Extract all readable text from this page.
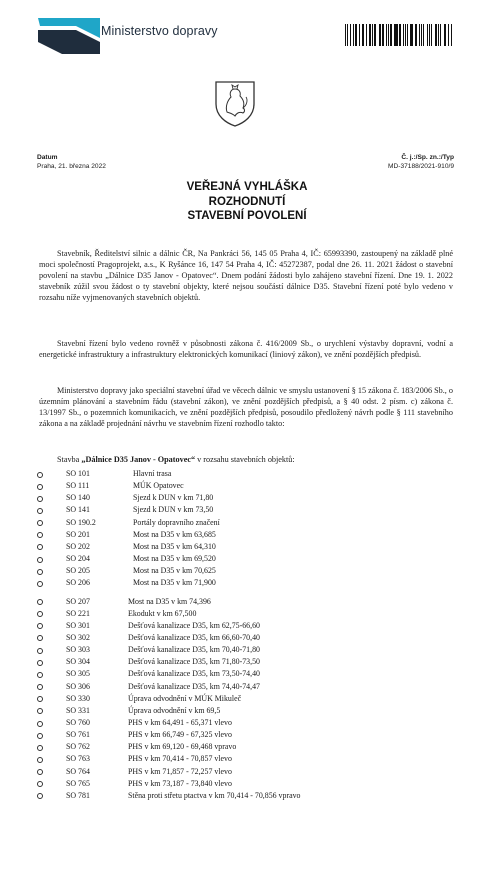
Ministerstvo dopravy
Datum
Praha, 21. března 2022
Č. j.:/Sp. zn.:/Typ
MD-37188/2021-910/9
VEŘEJNÁ VYHLÁŠKA
ROZHODNUTÍ
STAVEBNÍ POVOLENÍ
Stavebník, Ředitelství silnic a dálnic ČR, Na Pankráci 56, 145 05 Praha 4, IČ: 65993390, zastoupený na základě plné moci společností Pragoprojekt, a.s., K Ryšánce 16, 147 54 Praha 4, IČ: 45272387, podal dne 26. 11. 2021 žádost o stavební povolení na stavbu „Dálnice D35 Janov - Opatovec“. Dnem podání žádosti bylo zahájeno stavební řízení. Dne 19. 1. 2022 stavebník zúžil svou žádost o ty stavební objekty, které nejsou součástí dálnice D35. Stavební řízení poté bylo vedeno v rozsahu níže vyjmenovaných stavebních objektů.
Stavební řízení bylo vedeno rovněž v působnosti zákona č. 416/2009 Sb., o urychlení výstavby dopravní, vodní a energetické infrastruktury a infrastruktury elektronických komunikací (liniový zákon), ve znění pozdějších předpisů.
Ministerstvo dopravy jako speciální stavební úřad ve věcech dálnic ve smyslu ustanovení § 15 zákona č. 183/2006 Sb., o územním plánování a stavebním řádu (stavební zákon), ve znění pozdějších předpisů, a § 40 odst. 2 písm. c) zákona č. 13/1997 Sb., o pozemních komunikacích, ve znění pozdějších předpisů, posoudilo předložený návrh podle § 111 stavebního zákona a na základě projednání návrhu ve stavebním řízení rozhodlo takto:
Stavba „Dálnice D35 Janov - Opatovec“ v rozsahu stavebních objektů:
SO 101	Hlavní trasa
SO 111	MÚK Opatovec
SO 140	Sjezd k DUN v km 71,80
SO 141	Sjezd k DUN v km 73,50
SO 190.2	Portály dopravního značení
SO 201	Most na D35 v km 63,685
SO 202	Most na D35 v km 64,310
SO 204	Most na D35 v km 69,520
SO 205	Most na D35 v km 70,625
SO 206	Most na D35 v km 71,900
SO 207	Most na D35 v km 74,396
SO 221	Ekodukt v km 67,500
SO 301	Dešťová kanalizace D35, km 62,75-66,60
SO 302	Dešťová kanalizace D35, km 66,60-70,40
SO 303	Dešťová kanalizace D35, km 70,40-71,80
SO 304	Dešťová kanalizace D35, km 71,80-73,50
SO 305	Dešťová kanalizace D35, km 73,50-74,40
SO 306	Dešťová kanalizace D35, km 74,40-74,47
SO 330	Úprava odvodnění v MÚK Mikuleč
SO 331	Úprava odvodnění v km 69,5
SO 760	PHS v km 64,491 - 65,371 vlevo
SO 761	PHS v km 66,749 - 67,325 vlevo
SO 762	PHS v km 69,120 - 69,468 vpravo
SO 763	PHS v km 70,414 - 70,857 vlevo
SO 764	PHS v km 71,857 - 72,257 vlevo
SO 765	PHS v km 73,187 - 73,840 vlevo
SO 781	Stěna proti střetu ptactva v km 70,414 - 70,856 vpravo
